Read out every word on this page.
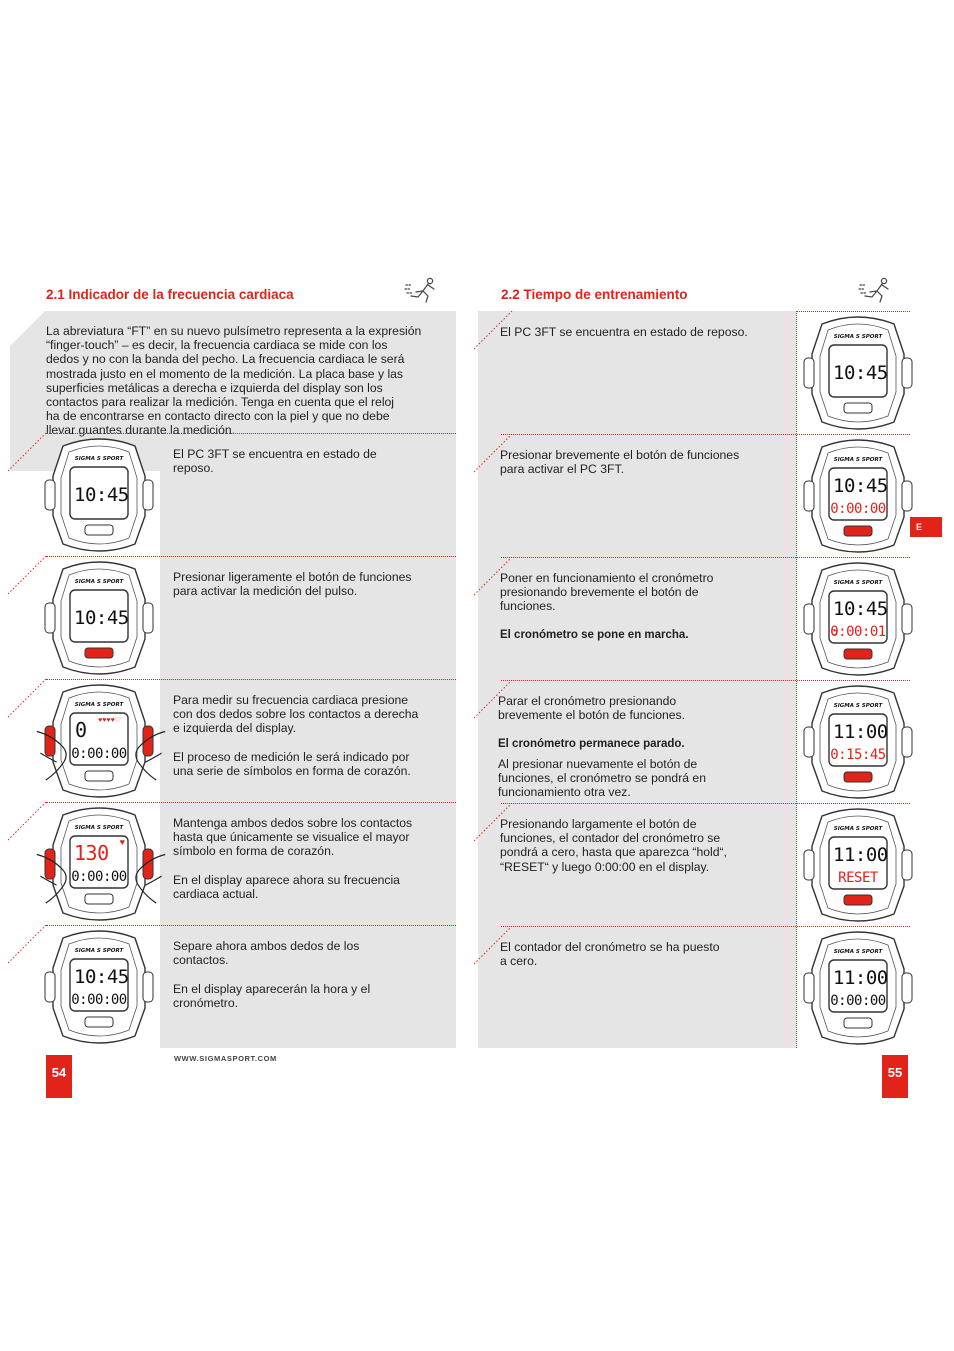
2.1 Indicador de la frecuencia cardiaca
La abreviatura “FT” en su nuevo pulsímetro representa a la expresión
“finger-touch” – es decir, la frecuencia cardiaca se mide con los
dedos y no con la banda del pecho. La frecuencia cardiaca le será
mostrada justo en el momento de la medición. La placa base y las
superficies metálicas a derecha e izquierda del display son los
contactos para realizar la medición. Tenga en cuenta que el reloj
ha de encontrarse en contacto directo con la piel y que no debe
llevar guantes durante la medición.
SIGMA S SPORT
10:45

El PC 3FT se encuentra en estado de
reposo.

SIGMA S SPORT
10:45

Presionar ligeramente el botón de funciones
para activar la medición del pulso.

SIGMA S SPORT
♥♥♥♥♡
0
0:00:00

Para medir su frecuencia cardiaca presione
con dos dedos sobre los contactos a derecha
e izquierda del display.

El proceso de medición le será indicado por
una serie de símbolos en forma de corazón.

SIGMA S SPORT
♥
130
0:00:00

Mantenga ambos dedos sobre los contactos
hasta que únicamente se visualice el mayor
símbolo en forma de corazón.

En el display aparece ahora su frecuencia
cardiaca actual.

SIGMA S SPORT
10:45
0:00:00

Separe ahora ambos dedos de los
contactos.

En el display aparecerán la hora y el
cronómetro.

54
WWW.SIGMASPORT.COM
2.2 Tiempo de entrenamiento
SIGMA S SPORT
10:45

El PC 3FT se encuentra en estado de reposo.

SIGMA S SPORT
10:45
0:00:00

Presionar brevemente el botón de funciones
para activar el PC 3FT.

SIGMA S SPORT
10:45
0:00:01

Poner en funcionamiento el cronómetro
presionando brevemente el botón de
funciones.

El cronómetro se pone en marcha.

SIGMA S SPORT
11:00
0:15:45

Parar el cronómetro presionando
brevemente el botón de funciones.

El cronómetro permanece parado.

Al presionar nuevamente el botón de
funciones, el cronómetro se pondrá en
funcionamiento otra vez.

SIGMA S SPORT
11:00
RESET

Presionando largamente el botón de
funciones, el contador del cronómetro se
pondrá a cero, hasta que aparezca “hold“,
“RESET“ y luego 0:00:00 en el display.

SIGMA S SPORT
11:00
0:00:00

El contador del cronómetro se ha puesto
a cero.

55
E
